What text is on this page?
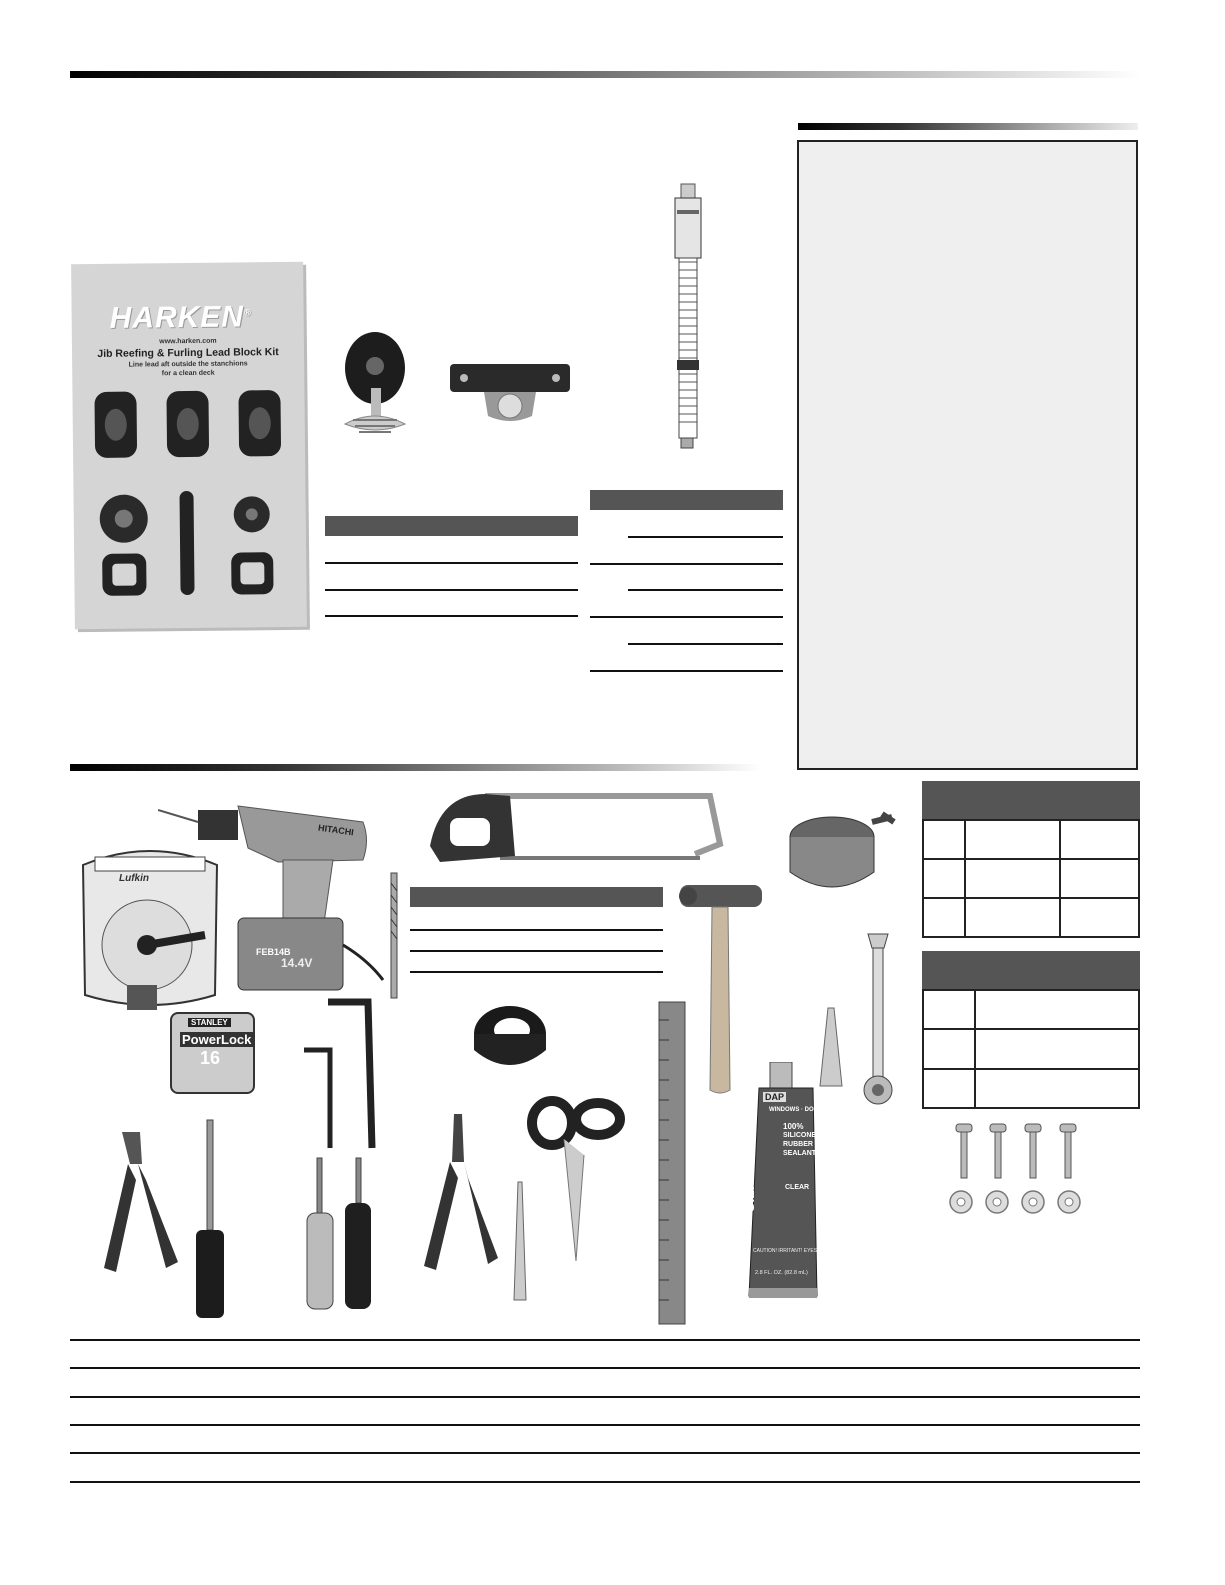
HARKEN®
www.harken.com
Jib Reefing & Furling Lead Block Kit
Line lead aft outside the stanchions
for a clean deck
Lufkin
HITACHI
FEB14B
14.4V
STANLEY
PowerLock
16
DAP
WINDOWS · DOORS
100%
SILICONE
RUBBER
SEALANT
SILICONE	CLEAR
CAUTION! IRRITANT! EYES
2.8 FL. OZ. (82.8 mL)
